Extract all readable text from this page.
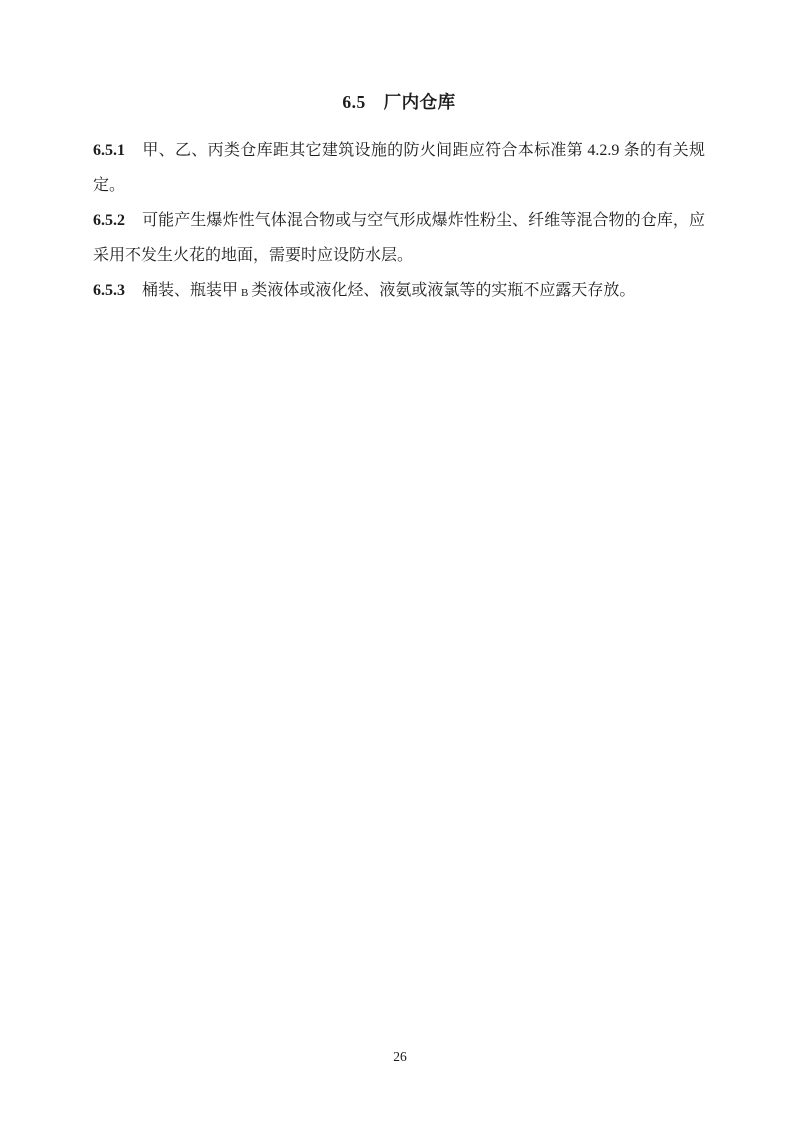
6.5　厂内仓库

6.5.1 甲、乙、丙类仓库距其它建筑设施的防火间距应符合本标准第 4.2.9 条的有关规定。

6.5.2 可能产生爆炸性气体混合物或与空气形成爆炸性粉尘、纤维等混合物的仓库，应采用不发生火花的地面，需要时应设防水层。

6.5.3 桶装、瓶装甲 B 类液体或液化烃、液氨或液氯等的实瓶不应露天存放。

26
